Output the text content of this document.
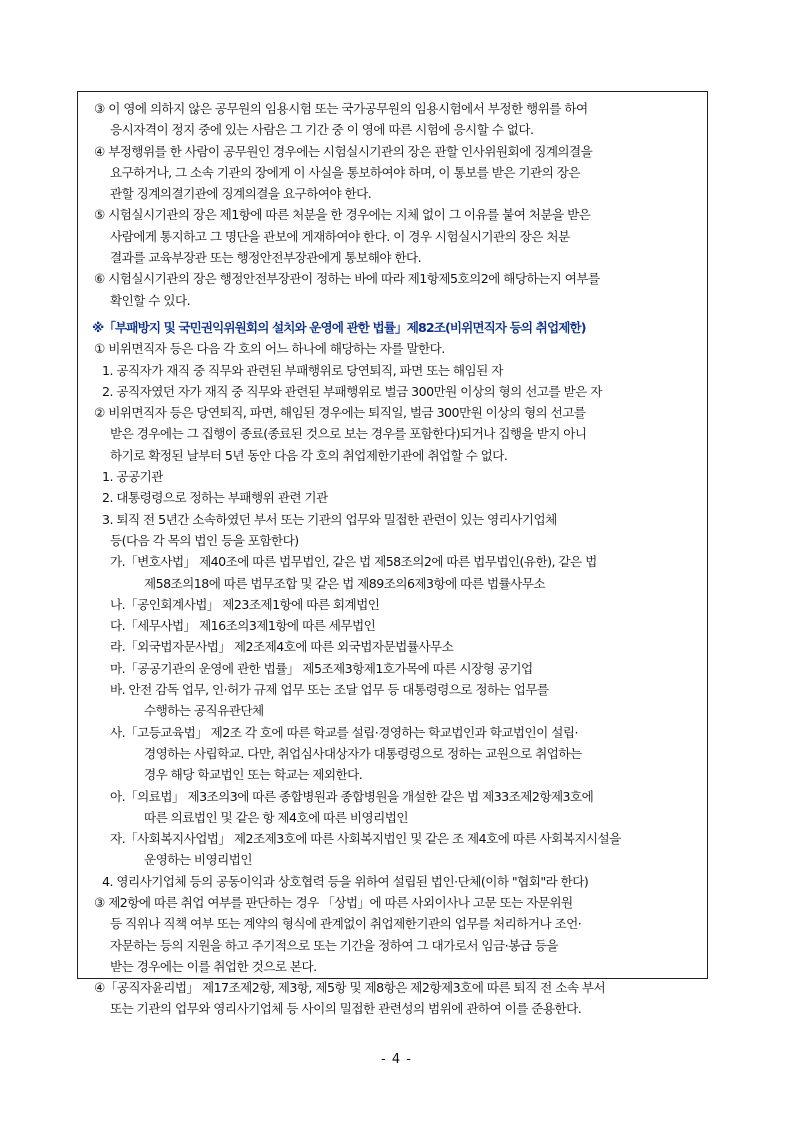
③ 이 영에 의하지 않은 공무원의 임용시험 또는 국가공무원의 임용시험에서 부정한 행위를 하여
응시자격이 정지 중에 있는 사람은 그 기간 중 이 영에 따른 시험에 응시할 수 없다.
④ 부정행위를 한 사람이 공무원인 경우에는 시험실시기관의 장은 관할 인사위원회에 징계의결을
요구하거나, 그 소속 기관의 장에게 이 사실을 통보하여야 하며, 이 통보를 받은 기관의 장은
관할 징계의결기관에 징계의결을 요구하여야 한다.
⑤ 시험실시기관의 장은 제1항에 따른 처분을 한 경우에는 지체 없이 그 이유를 붙여 처분을 받은
사람에게 통지하고 그 명단을 관보에 게재하여야 한다. 이 경우 시험실시기관의 장은 처분
결과를 교육부장관 또는 행정안전부장관에게 통보해야 한다.
⑥ 시험실시기관의 장은 행정안전부장관이 정하는 바에 따라 제1항제5호의2에 해당하는지 여부를
확인할 수 있다.
※「부패방지 및 국민권익위원회의 설치와 운영에 관한 법률」제82조(비위면직자 등의 취업제한)
① 비위면직자 등은 다음 각 호의 어느 하나에 해당하는 자를 말한다.
1. 공직자가 재직 중 직무와 관련된 부패행위로 당연퇴직, 파면 또는 해임된 자
2. 공직자였던 자가 재직 중 직무와 관련된 부패행위로 벌금 300만원 이상의 형의 선고를 받은 자
② 비위면직자 등은 당연퇴직, 파면, 해임된 경우에는 퇴직일, 벌금 300만원 이상의 형의 선고를
받은 경우에는 그 집행이 종료(종료된 것으로 보는 경우를 포함한다)되거나 집행을 받지 아니
하기로 확정된 날부터 5년 동안 다음 각 호의 취업제한기관에 취업할 수 없다.
1. 공공기관
2. 대통령령으로 정하는 부패행위 관련 기관
3. 퇴직 전 5년간 소속하였던 부서 또는 기관의 업무와 밀접한 관련이 있는 영리사기업체
등(다음 각 목의 법인 등을 포함한다)
가.「변호사법」 제40조에 따른 법무법인, 같은 법 제58조의2에 따른 법무법인(유한), 같은 법
제58조의18에 따른 법무조합 및 같은 법 제89조의6제3항에 따른 법률사무소
나.「공인회계사법」 제23조제1항에 따른 회계법인
다.「세무사법」 제16조의3제1항에 따른 세무법인
라.「외국법자문사법」 제2조제4호에 따른 외국법자문법률사무소
마.「공공기관의 운영에 관한 법률」 제5조제3항제1호가목에 따른 시장형 공기업
바. 안전 감독 업무, 인·허가 규제 업무 또는 조달 업무 등 대통령령으로 정하는 업무를
수행하는 공직유관단체
사.「고등교육법」 제2조 각 호에 따른 학교를 설립·경영하는 학교법인과 학교법인이 설립·
경영하는 사립학교. 다만, 취업심사대상자가 대통령령으로 정하는 교원으로 취업하는
경우 해당 학교법인 또는 학교는 제외한다.
아.「의료법」 제3조의3에 따른 종합병원과 종합병원을 개설한 같은 법 제33조제2항제3호에
따른 의료법인 및 같은 항 제4호에 따른 비영리법인
자.「사회복지사업법」 제2조제3호에 따른 사회복지법인 및 같은 조 제4호에 따른 사회복지시설을
운영하는 비영리법인
4. 영리사기업체 등의 공동이익과 상호협력 등을 위하여 설립된 법인·단체(이하 "협회"라 한다)
③ 제2항에 따른 취업 여부를 판단하는 경우 「상법」에 따른 사외이사나 고문 또는 자문위원
등 직위나 직책 여부 또는 계약의 형식에 관계없이 취업제한기관의 업무를 처리하거나 조언·
자문하는 등의 지원을 하고 주기적으로 또는 기간을 정하여 그 대가로서 임금·봉급 등을
받는 경우에는 이를 취업한 것으로 본다.
④「공직자윤리법」 제17조제2항, 제3항, 제5항 및 제8항은 제2항제3호에 따른 퇴직 전 소속 부서
또는 기관의 업무와 영리사기업체 등 사이의 밀접한 관련성의 범위에 관하여 이를 준용한다.
- 4 -
